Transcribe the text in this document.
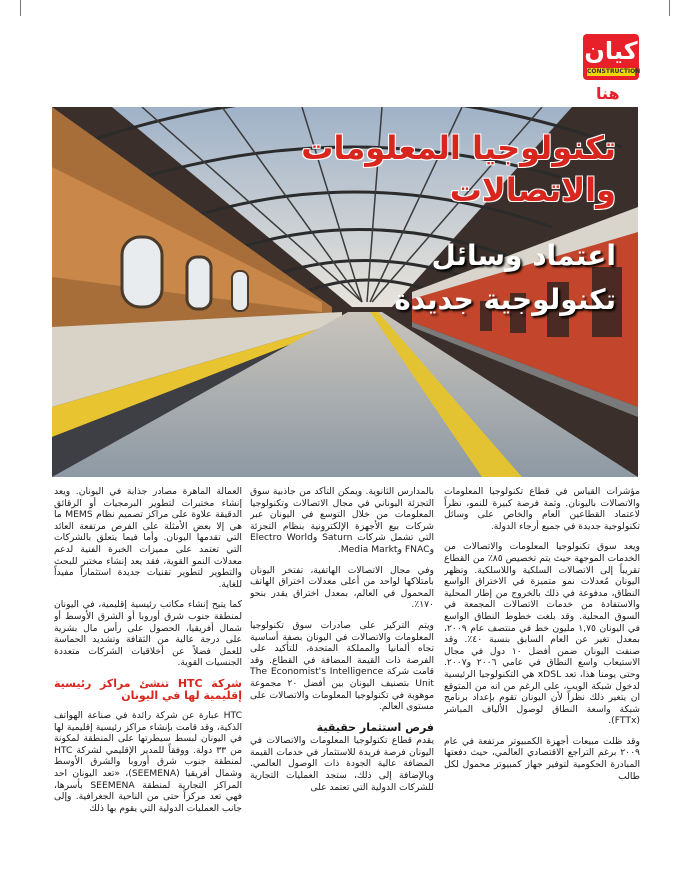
كيان
CONSTRUCTION
هنا
تكنولوجيا المعلومات
والاتصالات
اعتماد وسائل
تكنولوجية جديدة

مؤشرات القياس في قطاع تكنولوجيا المعلومات والاتصالات باليونان. وثمة فرصة كبيرة للنمو، نظراً لاعتماد القطاعين العام والخاص على وسائل تكنولوجية جديدة في جميع أرجاء الدولة.

ويعد سوق تكنولوجيا المعلومات والاتصالات من الخدمات الموجهة حيث يتم تخصيص ٨٥٪ من القطاع تقريباً إلى الاتصالات السلكية واللاسلكية. وتظهر اليونان مُعدلات نمو متميزة في الاختراق الواسع النطاق، مدفوعة في ذلك بالخروج من إطار المحلية والاستفادة من خدمات الاتصالات المجمعة في السوق المحلية. وقد بلغت خطوط النطاق الواسع في اليونان ١,٧٥ مليون خط في منتصف عام ٢٠٠٩، بمعدل تغير عن العام السابق بنسبة ٤٠٪. وقد صنفت اليونان ضمن أفضل ١٠ دول في مجال الاستيعاب واسع النطاق في عامي ٢٠٠٦ و٢٠٠٧. وحتى يومنا هذا، تعد xDSL هي التكنولوجيا الرئيسية لدخول شبكة الويب، على الرغم من انه من المتوقع ان يتغير ذلك نظراً لأن اليونان تقوم بإعداد برنامج شبكة واسعة النطاق لوصول الألياف المباشر (FTTx).

وقد ظلت مبيعات أجهزة الكمبيوتر مرتفعة في عام ٢٠٠٩ برغم التراجع الاقتصادي العالمي، حيث دفعتها المبادرة الحكومية لتوفير جهاز كمبيوتر محمول لكل طالب

بالمدارس الثانوية. ويمكن التأكد من جاذبية سوق التجزئة اليوناني في مجال الاتصالات وتكنولوجيا المعلومات من خلال التوسع في اليونان عبر شركات بيع الأجهزة الإلكترونية بنظام التجزئة التي تشمل شركات Saturn وElectro World وFNAC وMedia Markt.

وفي مجال الاتصالات الهاتفية، تفتخر اليونان بامتلاكها لواحد من أعلى معدلات اختراق الهاتف المحمول في العالم، بمعدل اختراق يقدر بنحو ١٧٠٪.

ويتم التركيز على صادرات سوق تكنولوجيا المعلومات والاتصالات في اليونان بصفة أساسية تجاه ألمانيا والمملكة المتحدة، للتأكيد على الفرصة ذات القيمة المضافة في القطاع. وقد قامت شركة The Economist's Intelligence Unit بتصنيف اليونان بين أفضل ٢٠ مجموعة موهوبة في تكنولوجيا المعلومات والاتصالات على مستوى العالم.

فرص استثمار حقيقية

يقدم قطاع تكنولوجيا المعلومات والاتصالات في اليونان فرصة فريدة للاستثمار في خدمات القيمة المضافة عالية الجودة ذات الوصول العالمي. وبالإضافة إلى ذلك، ستجد العمليات التجارية للشركات الدولية التي تعتمد على

العمالة الماهرة مصادر جذابة في اليونان. ويعد إنشاء مختبرات لتطوير البرمجيات أو الرقائق الدقيقة علاوة على مراكز تصميم نظام MEMS ما هي إلا بعض الأمثلة على الفرص مرتفعة العائد التي تقدمها اليونان. وأما فيما يتعلق بالشركات التي تعتمد على مميزات الخبرة الفنية لدعم معدلات النمو القوية، فقد يعد إنشاء مختبر للبحث والتطوير لتطوير تقنيات جديدة استثماراً مفيداً للغاية.

كما يتيح إنشاء مكاتب رئيسية إقليمية، في اليونان لمنطقة جنوب شرق أوروبا أو الشرق الأوسط أو شمال أفريقيا، الحصول على رأس مال بشرية على درجة عالية من الثقافة وتشديد الحماسة للعمل فضلاً عن أخلاقيات الشركات متعددة الجنسيات القوية.

شركة HTC تنشئ مراكز رئيسية إقليمية لها في اليونان

HTC عبارة عن شركة رائدة في صناعة الهواتف الذكية، وقد قامت بإنشاء مراكز رئيسية إقليمية لها في اليونان لبسط سيطرتها على المنطقة لمكونة من ٣٣ دولة. ووفقاً للمدير الإقليمي لشركة HTC لمنطقة جنوب شرق أوروبا والشرق الأوسط وشمال أفريقيا (SEEMENA)، «تعد اليونان احد المراكز التجارية لمنطقة SEEMENA بأسرها، فهي تعد مركزاً حتى من الناحية الجغرافية. وإلى جانب العمليات الدولية التي يقوم بها ذلك
